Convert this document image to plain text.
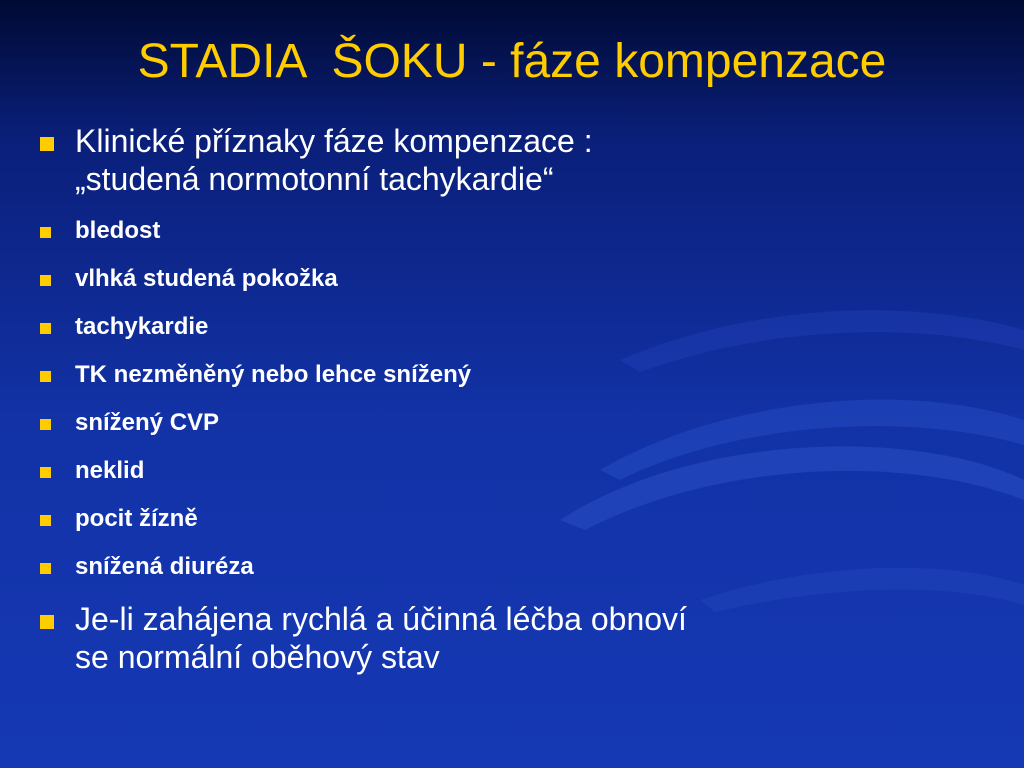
STADIA  ŠOKU - fáze kompenzace
Klinické příznaky fáze kompenzace :
„studená normotonní tachykardie“
bledost
vlhká studená pokožka
tachykardie
TK nezměněný nebo lehce snížený
snížený CVP
neklid
pocit žízně
snížená diuréza
Je-li zahájena rychlá a účinná léčba obnoví
se normální oběhový stav
